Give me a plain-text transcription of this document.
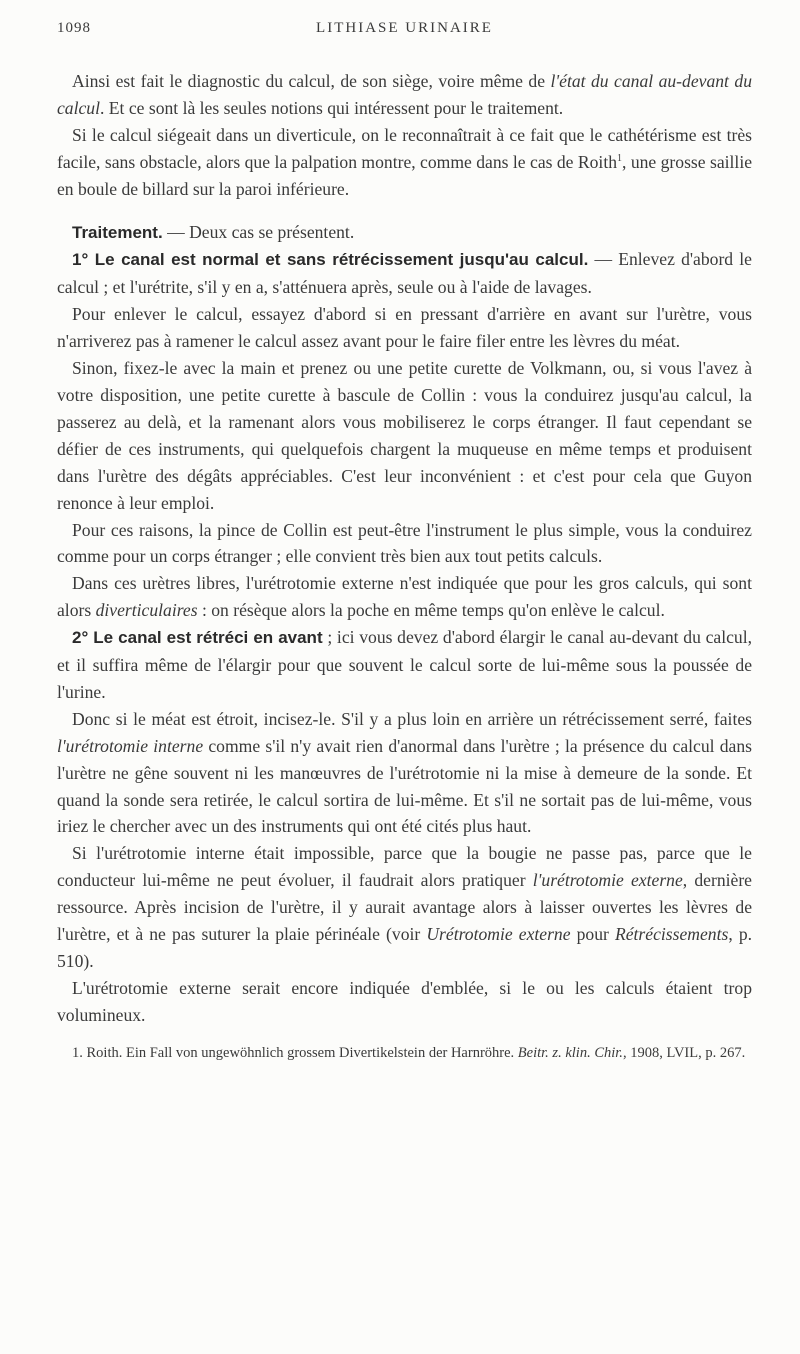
1098	LITHIASE URINAIRE

Ainsi est fait le diagnostic du calcul, de son siège, voire même de l'état du canal au-devant du calcul. Et ce sont là les seules notions qui intéressent pour le traitement.

Si le calcul siégeait dans un diverticule, on le reconnaîtrait à ce fait que le cathétérisme est très facile, sans obstacle, alors que la palpation montre, comme dans le cas de Roith$^1$, une grosse saillie en boule de billard sur la paroi inférieure.

Traitement. — Deux cas se présentent.

1° Le canal est normal et sans rétrécissement jusqu'au calcul. — Enlevez d'abord le calcul ; et l'urétrite, s'il y en a, s'atténuera après, seule ou à l'aide de lavages.

Pour enlever le calcul, essayez d'abord si en pressant d'arrière en avant sur l'urètre, vous n'arriverez pas à ramener le calcul assez avant pour le faire filer entre les lèvres du méat.

Sinon, fixez-le avec la main et prenez ou une petite curette de Volkmann, ou, si vous l'avez à votre disposition, une petite curette à bascule de Collin : vous la conduirez jusqu'au calcul, la passerez au delà, et la ramenant alors vous mobiliserez le corps étranger. Il faut cependant se défier de ces instruments, qui quelquefois chargent la muqueuse en même temps et produisent dans l'urètre des dégâts appréciables. C'est leur inconvénient : et c'est pour cela que Guyon renonce à leur emploi.

Pour ces raisons, la pince de Collin est peut-être l'instrument le plus simple, vous la conduirez comme pour un corps étranger ; elle convient très bien aux tout petits calculs.

Dans ces urètres libres, l'urétrotomie externe n'est indiquée que pour les gros calculs, qui sont alors diverticulaires : on résèque alors la poche en même temps qu'on enlève le calcul.

2° Le canal est rétréci en avant ; ici vous devez d'abord élargir le canal au-devant du calcul, et il suffira même de l'élargir pour que souvent le calcul sorte de lui-même sous la poussée de l'urine.

Donc si le méat est étroit, incisez-le. S'il y a plus loin en arrière un rétrécissement serré, faites l'urétrotomie interne comme s'il n'y avait rien d'anormal dans l'urètre ; la présence du calcul dans l'urètre ne gêne souvent ni les manœuvres de l'urétrotomie ni la mise à demeure de la sonde. Et quand la sonde sera retirée, le calcul sortira de lui-même. Et s'il ne sortait pas de lui-même, vous iriez le chercher avec un des instruments qui ont été cités plus haut.

Si l'urétrotomie interne était impossible, parce que la bougie ne passe pas, parce que le conducteur lui-même ne peut évoluer, il faudrait alors pratiquer l'urétrotomie externe, dernière ressource. Après incision de l'urètre, il y aurait avantage alors à laisser ouvertes les lèvres de l'urètre, et à ne pas suturer la plaie périnéale (voir Urétrotomie externe pour Rétrécissements, p. 510).

L'urétrotomie externe serait encore indiquée d'emblée, si le ou les calculs étaient trop volumineux.

1. Roith. Ein Fall von ungewöhnlich grossem Divertikelstein der Harnröhre. Beitr. z. klin. Chir., 1908, LVIL, p. 267.
